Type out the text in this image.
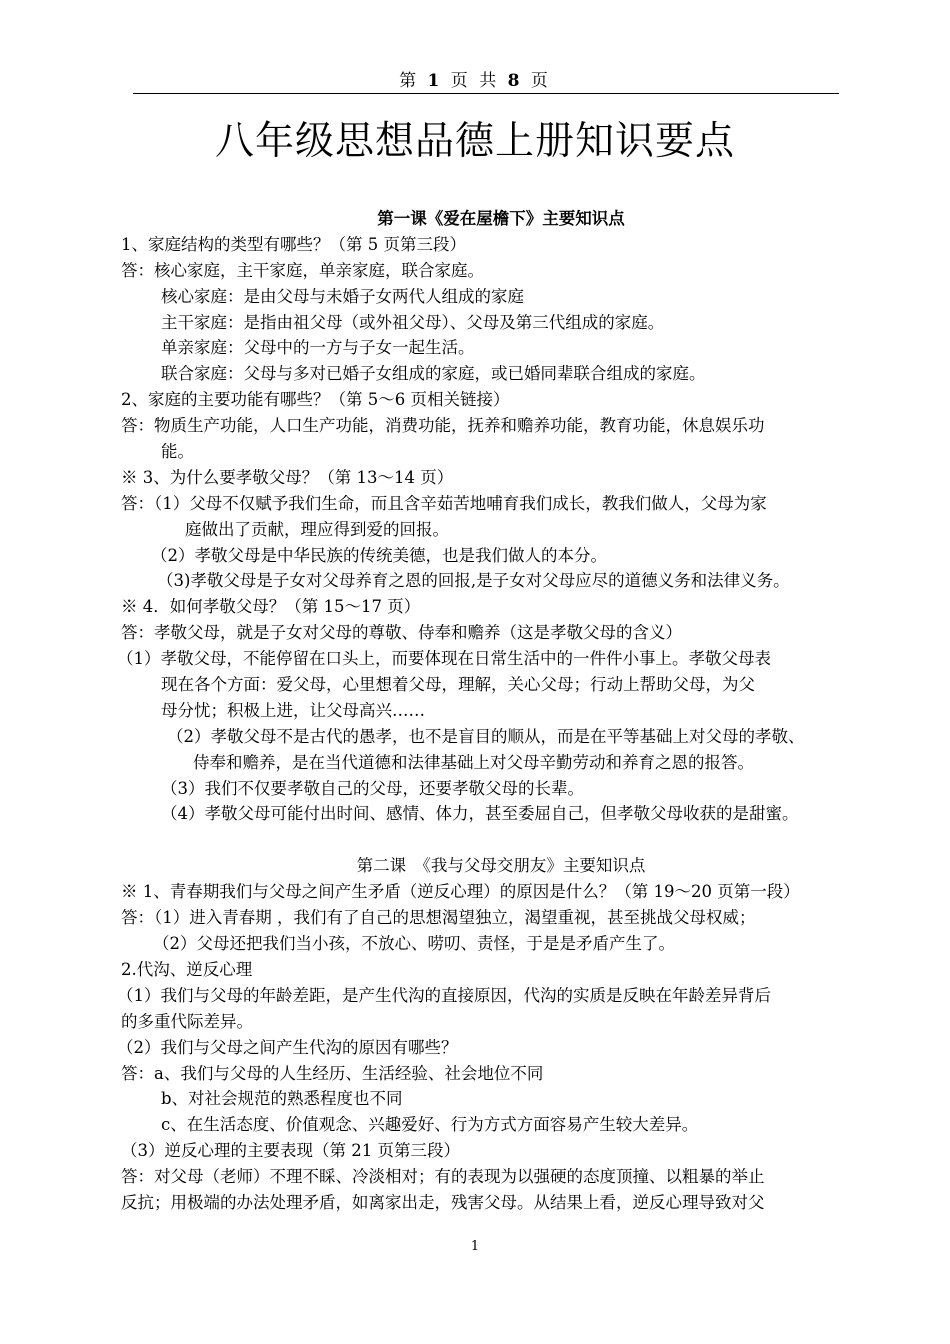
第 1 页 共 8 页
八年级思想品德上册知识要点
第一课《爱在屋檐下》主要知识点
1、家庭结构的类型有哪些？（第 5 页第三段）
答：核心家庭，主干家庭，单亲家庭，联合家庭。
核心家庭：是由父母与未婚子女两代人组成的家庭
主干家庭：是指由祖父母（或外祖父母）、父母及第三代组成的家庭。
单亲家庭：父母中的一方与子女一起生活。
联合家庭：父母与多对已婚子女组成的家庭，或已婚同辈联合组成的家庭。
2、家庭的主要功能有哪些？（第 5～6 页相关链接）
答：物质生产功能，人口生产功能，消费功能，抚养和赡养功能，教育功能，休息娱乐功
能。
※ 3、为什么要孝敬父母？（第 13～14 页）
答：（1）父母不仅赋予我们生命，而且含辛茹苦地哺育我们成长，教我们做人，父母为家
庭做出了贡献，理应得到爱的回报。
（2）孝敬父母是中华民族的传统美德，也是我们做人的本分。
（3)孝敬父母是子女对父母养育之恩的回报,是子女对父母应尽的道德义务和法律义务。
※ 4．如何孝敬父母？（第 15～17 页）
答：孝敬父母，就是子女对父母的尊敬、侍奉和赡养（这是孝敬父母的含义）
（1）孝敬父母，不能停留在口头上，而要体现在日常生活中的一件件小事上。孝敬父母表
现在各个方面：爱父母，心里想着父母，理解，关心父母；行动上帮助父母，为父
母分忧；积极上进，让父母高兴……
（2）孝敬父母不是古代的愚孝，也不是盲目的顺从，而是在平等基础上对父母的孝敬、
侍奉和赡养，是在当代道德和法律基础上对父母辛勤劳动和养育之恩的报答。
（3）我们不仅要孝敬自己的父母，还要孝敬父母的长辈。
（4）孝敬父母可能付出时间、感情、体力，甚至委屈自己，但孝敬父母收获的是甜蜜。
第二课　《我与父母交朋友》主要知识点
※ 1、青春期我们与父母之间产生矛盾（逆反心理）的原因是什么？（第 19～20 页第一段）
答：（1）进入青春期 ，我们有了自己的思想渴望独立，渴望重视，甚至挑战父母权威；
（2）父母还把我们当小孩，不放心、唠叨、责怪，于是是矛盾产生了。
2.代沟、逆反心理
（1）我们与父母的年龄差距，是产生代沟的直接原因，代沟的实质是反映在年龄差异背后
的多重代际差异。
（2）我们与父母之间产生代沟的原因有哪些？
答：a、我们与父母的人生经历、生活经验、社会地位不同
b、对社会规范的熟悉程度也不同
c、在生活态度、价值观念、兴趣爱好、行为方式方面容易产生较大差异。
（3）逆反心理的主要表现（第 21 页第三段）
答：对父母（老师）不理不睬、冷淡相对；有的表现为以强硬的态度顶撞、以粗暴的举止
反抗；用极端的办法处理矛盾，如离家出走，残害父母。从结果上看，逆反心理导致对父
1
